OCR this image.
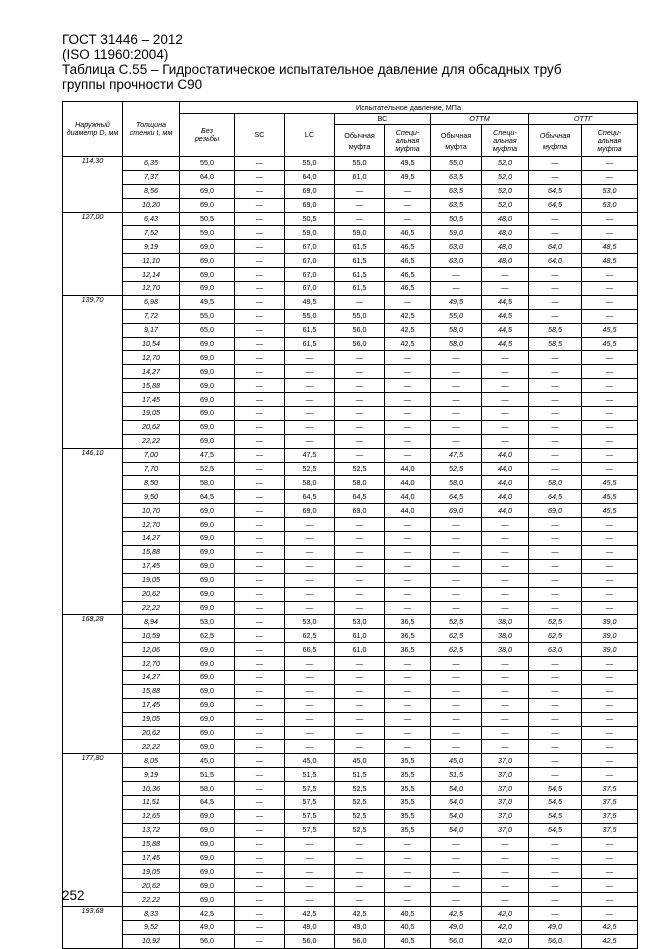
ГОСТ 31446 – 2012
(ISO 11960:2004)
Таблица С.55 – Гидростатическое испытательное давление для обсадных труб
группы прочности С90
Наружный диаметр D, мм	Толщина стенки t, мм	Испытательное давление, МПа								
		Без резьбы	SC	LC	ВС		ОТТМ		ОТТГ	
					Обычная муфта	Специ-альная муфта	Обычная муфта	Специ-альная муфта	Обычная муфта	Специ-альная муфта
114,30	6,35	55,0	—	55,0	55,0	49,5	55,0	52,0	—	—
	7,37	64,0	—	64,0	61,0	49,5	63,5	52,0	—	—
	8,56	69,0	—	69,0	—	—	63,5	52,0	64,5	53,0
	10,20	69,0	—	69,0	—	—	63,5	52,0	64,5	53,0
127,00	6,43	50,5	—	50,5	—	—	50,5	48,0	—	—
	7,52	59,0	—	59,0	59,0	46,5	59,0	48,0	—	—
	9,19	69,0	—	67,0	61,5	46,5	63,0	48,0	64,0	48,5
	11,10	69,0	—	67,0	61,5	46,5	63,0	48,0	64,0	48,5
	12,14	69,0	—	67,0	61,5	46,5	—	—	—	—
	12,70	69,0	—	67,0	61,5	46,5	—	—	—	—
139,70	6,98	49,5	—	49,5	—	—	49,5	44,5	—	—
	7,72	55,0	—	55,0	55,0	42,5	55,0	44,5	—	—
	9,17	65,0	—	61,5	56,0	42,5	58,0	44,5	58,5	45,5
	10,54	69,0	—	61,5	56,0	42,5	58,0	44,5	58,5	45,5
	12,70	69,0	—	—	—	—	—	—	—	—
	14,27	69,0	—	—	—	—	—	—	—	—
	15,88	69,0	—	—	—	—	—	—	—	—
	17,45	69,0	—	—	—	—	—	—	—	—
	19,05	69,0	—	—	—	—	—	—	—	—
	20,62	69,0	—	—	—	—	—	—	—	—
	22,22	69,0	—	—	—	—	—	—	—	—
146,10	7,00	47,5	—	47,5	—	—	47,5	44,0	—	—
	7,70	52,5	—	52,5	52,5	44,0	52,5	44,0	—	—
	8,50	58,0	—	58,0	58,0	44,0	58,0	44,0	58,0	45,5
	9,50	64,5	—	64,5	64,5	44,0	64,5	44,0	64,5	45,5
	10,70	69,0	—	69,0	69,0	44,0	69,0	44,0	69,0	45,5
	12,70	69,0	—	—	—	—	—	—	—	—
	14,27	69,0	—	—	—	—	—	—	—	—
	15,88	69,0	—	—	—	—	—	—	—	—
	17,45	69,0	—	—	—	—	—	—	—	—
	19,05	69,0	—	—	—	—	—	—	—	—
	20,62	69,0	—	—	—	—	—	—	—	—
	22,22	69,0	—	—	—	—	—	—	—	—
168,28	8,94	53,0	—	53,0	53,0	36,5	52,5	38,0	52,5	39,0
	10,59	62,5	—	62,5	61,0	36,5	62,5	38,0	62,5	39,0
	12,06	69,0	—	66,5	61,0	36,5	62,5	38,0	63,0	39,0
	12,70	69,0	—	—	—	—	—	—	—	—
	14,27	69,0	—	—	—	—	—	—	—	—
	15,88	69,0	—	—	—	—	—	—	—	—
	17,45	69,0	—	—	—	—	—	—	—	—
	19,05	69,0	—	—	—	—	—	—	—	—
	20,62	69,0	—	—	—	—	—	—	—	—
	22,22	69,0	—	—	—	—	—	—	—	—
177,80	8,05	45,0	—	45,0	45,0	35,5	45,0	37,0	—	—
	9,19	51,5	—	51,5	51,5	35,5	51,5	37,0	—	—
	10,36	58,0	—	57,5	52,5	35,5	54,0	37,0	54,5	37,5
	11,51	64,5	—	57,5	52,5	35,5	54,0	37,0	54,5	37,5
	12,65	69,0	—	57,5	52,5	35,5	54,0	37,0	54,5	37,5
	13,72	69,0	—	57,5	52,5	35,5	54,0	37,0	54,5	37,5
	15,88	69,0	—	—	—	—	—	—	—	—
	17,45	69,0	—	—	—	—	—	—	—	—
	19,05	69,0	—	—	—	—	—	—	—	—
	20,62	69,0	—	—	—	—	—	—	—	—
	22,22	69,0	—	—	—	—	—	—	—	—
193,68	8,33	42,5	—	42,5	42,5	40,5	42,5	42,0	—	—
	9,52	49,0	—	49,0	49,0	40,5	49,0	42,0	49,0	42,5
	10,92	56,0	—	56,0	56,0	40,5	56,0	42,0	56,0	42,5
252
